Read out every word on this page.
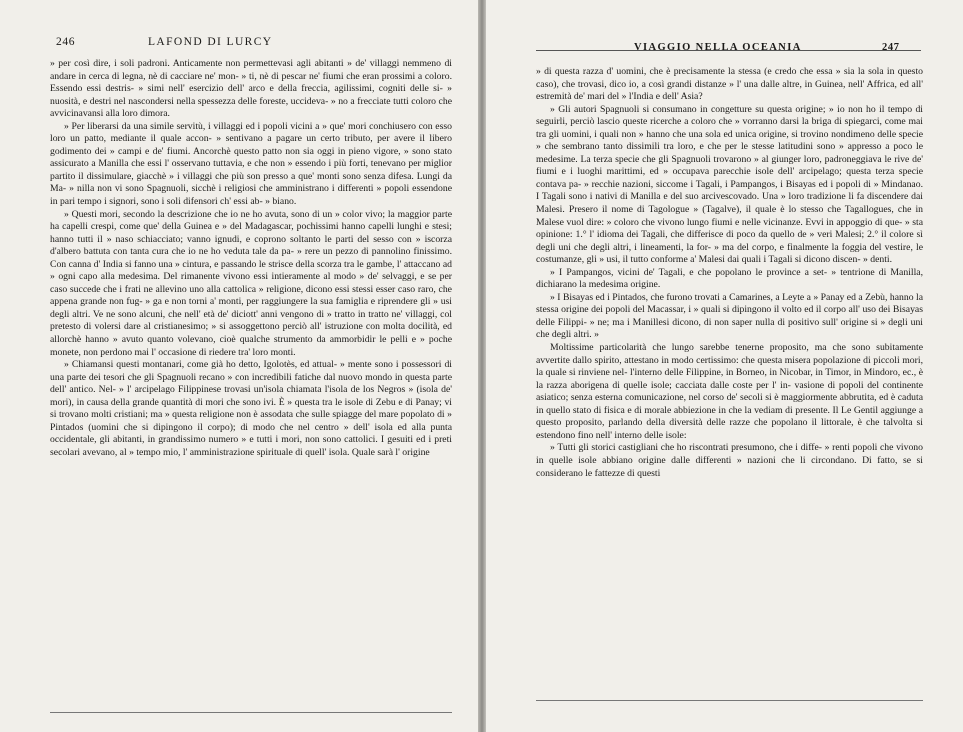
246	LAFOND DI LURCY

» per così dire, i soli padroni. Anticamente non permettevasi agli abitanti » de' villaggi nemmeno di andare in cerca di legna, nè di cacciare ne' mon- » ti, nè di pescar ne' fiumi che eran prossimi a coloro. Essendo essi destris- » simi nell' esercizio dell' arco e della freccia, agilissimi, cogniti delle si- » nuosità, e destri nel nascondersi nella spessezza delle foreste, uccideva- » no a frecciate tutti coloro che avvicinavansi alla loro dimora.

» Per liberarsi da una simile servitù, i villaggi ed i popoli vicini a » que' mori conchiusero con esso loro un patto, mediante il quale accon- » sentivano a pagare un certo tributo, per avere il libero godimento dei » campi e de' fiumi. Ancorchè questo patto non sia oggi in pieno vigore, » sono stato assicurato a Manilla che essi l' osservano tuttavia, e che non » essendo i più forti, tenevano per miglior partito il dissimulare, giacchè » i villaggi che più son presso a que' monti sono senza difesa. Lungi da Ma- » nilla non vi sono Spagnuoli, sicchè i religiosi che amministrano i differenti » popoli essendone in pari tempo i signori, sono i soli difensori ch' essi ab- » biano.

» Questi mori, secondo la descrizione che io ne ho avuta, sono di un » color vivo; la maggior parte ha capelli crespi, come que' della Guinea e » del Madagascar, pochissimi hanno capelli lunghi e stesi; hanno tutti il » naso schiacciato; vanno ignudi, e coprono soltanto le parti del sesso con » iscorza d'albero battuta con tanta cura che io ne ho veduta tale da pa- » rere un pezzo di pannolino finissimo. Con canna d' India si fanno una » cintura, e passando le strisce della scorza tra le gambe, l' attaccano ad » ogni capo alla medesima. Del rimanente vivono essi intieramente al modo » de' selvaggi, e se per caso succede che i frati ne allevino uno alla cattolica » religione, dicono essi stessi esser caso raro, che appena grande non fug- » ga e non torni a' monti, per raggiungere la sua famiglia e riprendere gli » usi degli altri. Ve ne sono alcuni, che nell' età de' diciott' anni vengono di » tratto in tratto ne' villaggi, col pretesto di volersi dare al cristianesimo; » si assoggettono perciò all' istruzione con molta docilità, ed allorchè hanno » avuto quanto volevano, cioè qualche strumento da ammorbidir le pelli e » poche monete, non perdono mai l' occasione di riedere tra' loro monti.

» Chiamansi questi montanari, come già ho detto, Igolotès, ed attual- » mente sono i possessori di una parte dei tesori che gli Spagnuoli recano » con incredibili fatiche dal nuovo mondo in questa parte dell' antico. Nel- » l' arcipelago Filippinese trovasi un'isola chiamata l'isola de los Negros » (isola de' mori), in causa della grande quantità di mori che sono ivi. È » questa tra le isole di Zebu e di Panay; vi si trovano molti cristiani; ma » questa religione non è assodata che sulle spiagge del mare popolato di » Pintados (uomini che si dipingono il corpo); di modo che nel centro » dell' isola ed alla punta occidentale, gli abitanti, in grandissimo numero » e tutti i mori, non sono cattolici. I gesuiti ed i preti secolari avevano, al » tempo mio, l' amministrazione spirituale di quell' isola. Quale sarà l' origine

VIAGGIO NELLA OCEANIA	247

» di questa razza d' uomini, che è precisamente la stessa (e credo che essa » sia la sola in questo caso), che trovasi, dico io, a così grandi distanze » l' una dalle altre, in Guinea, nell' Affrica, ed all' estremità de' mari del » l'India e dell' Asia?

» Gli autori Spagnuoli si consumano in congetture su questa origine; » io non ho il tempo di seguirli, perciò lascio queste ricerche a coloro che » vorranno darsi la briga di spiegarci, come mai tra gli uomini, i quali non » hanno che una sola ed unica origine, si trovino nondimeno delle specie » che sembrano tanto dissimili tra loro, e che per le stesse latitudini sono » appresso a poco le medesime. La terza specie che gli Spagnuoli trovarono » al giunger loro, padroneggiava le rive de' fiumi e i luoghi marittimi, ed » occupava parecchie isole dell' arcipelago; questa terza specie contava pa- » recchie nazioni, siccome i Tagali, i Pampangos, i Bisayas ed i popoli di » Mindanao. I Tagali sono i nativi di Manilla e del suo arcivescovado. Una » loro tradizione li fa discendere dai Malesi. Presero il nome di Tagologue » (Tagalve), il quale è lo stesso che Tagallogues, che in Malese vuol dire: » coloro che vivono lungo fiumi e nelle vicinanze. Evvi in appoggio di que- » sta opinione: 1.° l' idioma dei Tagali, che differisce di poco da quello de » veri Malesi; 2.° il colore sì degli uni che degli altri, i lineamenti, la for- » ma del corpo, e finalmente la foggia del vestire, le costumanze, gli » usi, il tutto conforme a' Malesi dai quali i Tagali si dicono discen- » denti.

» I Pampangos, vicini de' Tagali, e che popolano le province a set- » tentrione di Manilla, dichiarano la medesima origine.

» I Bisayas ed i Pintados, che furono trovati a Camarines, a Leyte a » Panay ed a Zebù, hanno la stessa origine dei popoli del Macassar, i » quali si dipingono il volto ed il corpo all' uso dei Bisayas delle Filippi- » ne; ma i Manillesi dicono, di non saper nulla di positivo sull' origine si » degli uni che degli altri. »

Moltissime particolarità che lungo sarebbe tenerne proposito, ma che sono subitamente avvertite dallo spirito, attestano in modo certissimo: che questa misera popolazione di piccoli mori, la quale si rinviene nel- l'interno delle Filippine, in Borneo, in Nicobar, in Timor, in Mindoro, ec., è la razza aborigena di quelle isole; cacciata dalle coste per l' in- vasione di popoli del continente asiatico; senza esterna comunicazione, nel corso de' secoli si è maggiormente abbrutita, ed è caduta in quello stato di fisica e di morale abbiezione in che la vediam di presente. Il Le Gentil aggiunge a questo proposito, parlando della diversità delle razze che popolano il littorale, è che talvolta si estendono fino nell' interno delle isole:

» Tutti gli storici castigliani che ho riscontrati presumono, che i diffe- » renti popoli che vivono in quelle isole abbiano origine dalle differenti » nazioni che li circondano. Di fatto, se si considerano le fattezze di questi
